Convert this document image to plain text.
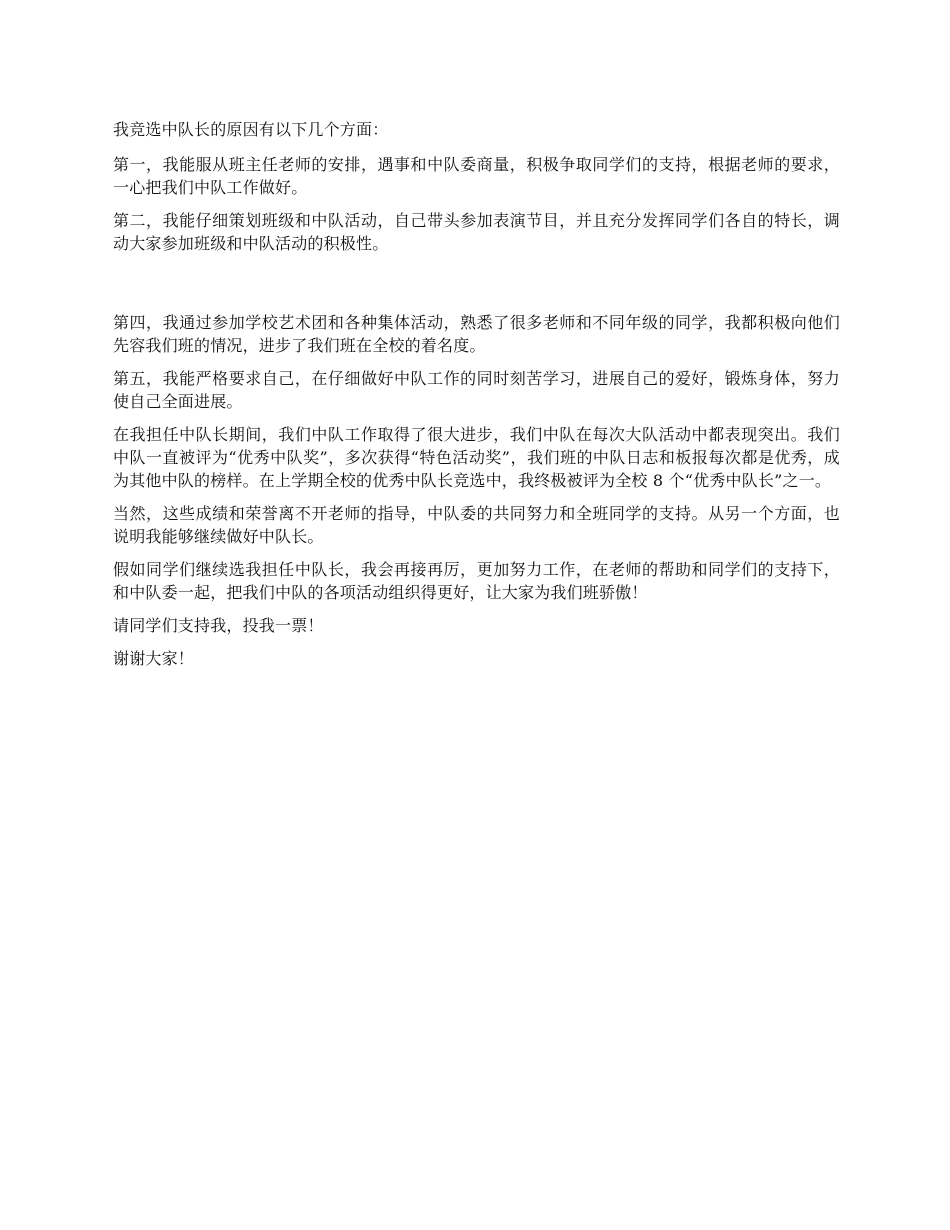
我竞选中队长的原因有以下几个方面：

第一，我能服从班主任老师的安排，遇事和中队委商量，积极争取同学们的支持，根据老师的要求，一心把我们中队工作做好。

第二，我能仔细策划班级和中队活动，自己带头参加表演节目，并且充分发挥同学们各自的特长，调动大家参加班级和中队活动的积极性。

第四，我通过参加学校艺术团和各种集体活动，熟悉了很多老师和不同年级的同学，我都积极向他们先容我们班的情况，进步了我们班在全校的着名度。

第五，我能严格要求自己，在仔细做好中队工作的同时刻苦学习，进展自己的爱好，锻炼身体，努力使自己全面进展。

在我担任中队长期间，我们中队工作取得了很大进步，我们中队在每次大队活动中都表现突出。我们中队一直被评为“优秀中队奖”，多次获得“特色活动奖”，我们班的中队日志和板报每次都是优秀，成为其他中队的榜样。在上学期全校的优秀中队长竞选中，我终极被评为全校 8 个“优秀中队长”之一。

当然，这些成绩和荣誉离不开老师的指导，中队委的共同努力和全班同学的支持。从另一个方面，也说明我能够继续做好中队长。

假如同学们继续选我担任中队长，我会再接再厉，更加努力工作，在老师的帮助和同学们的支持下，和中队委一起，把我们中队的各项活动组织得更好，让大家为我们班骄傲！

请同学们支持我，投我一票！

谢谢大家！
